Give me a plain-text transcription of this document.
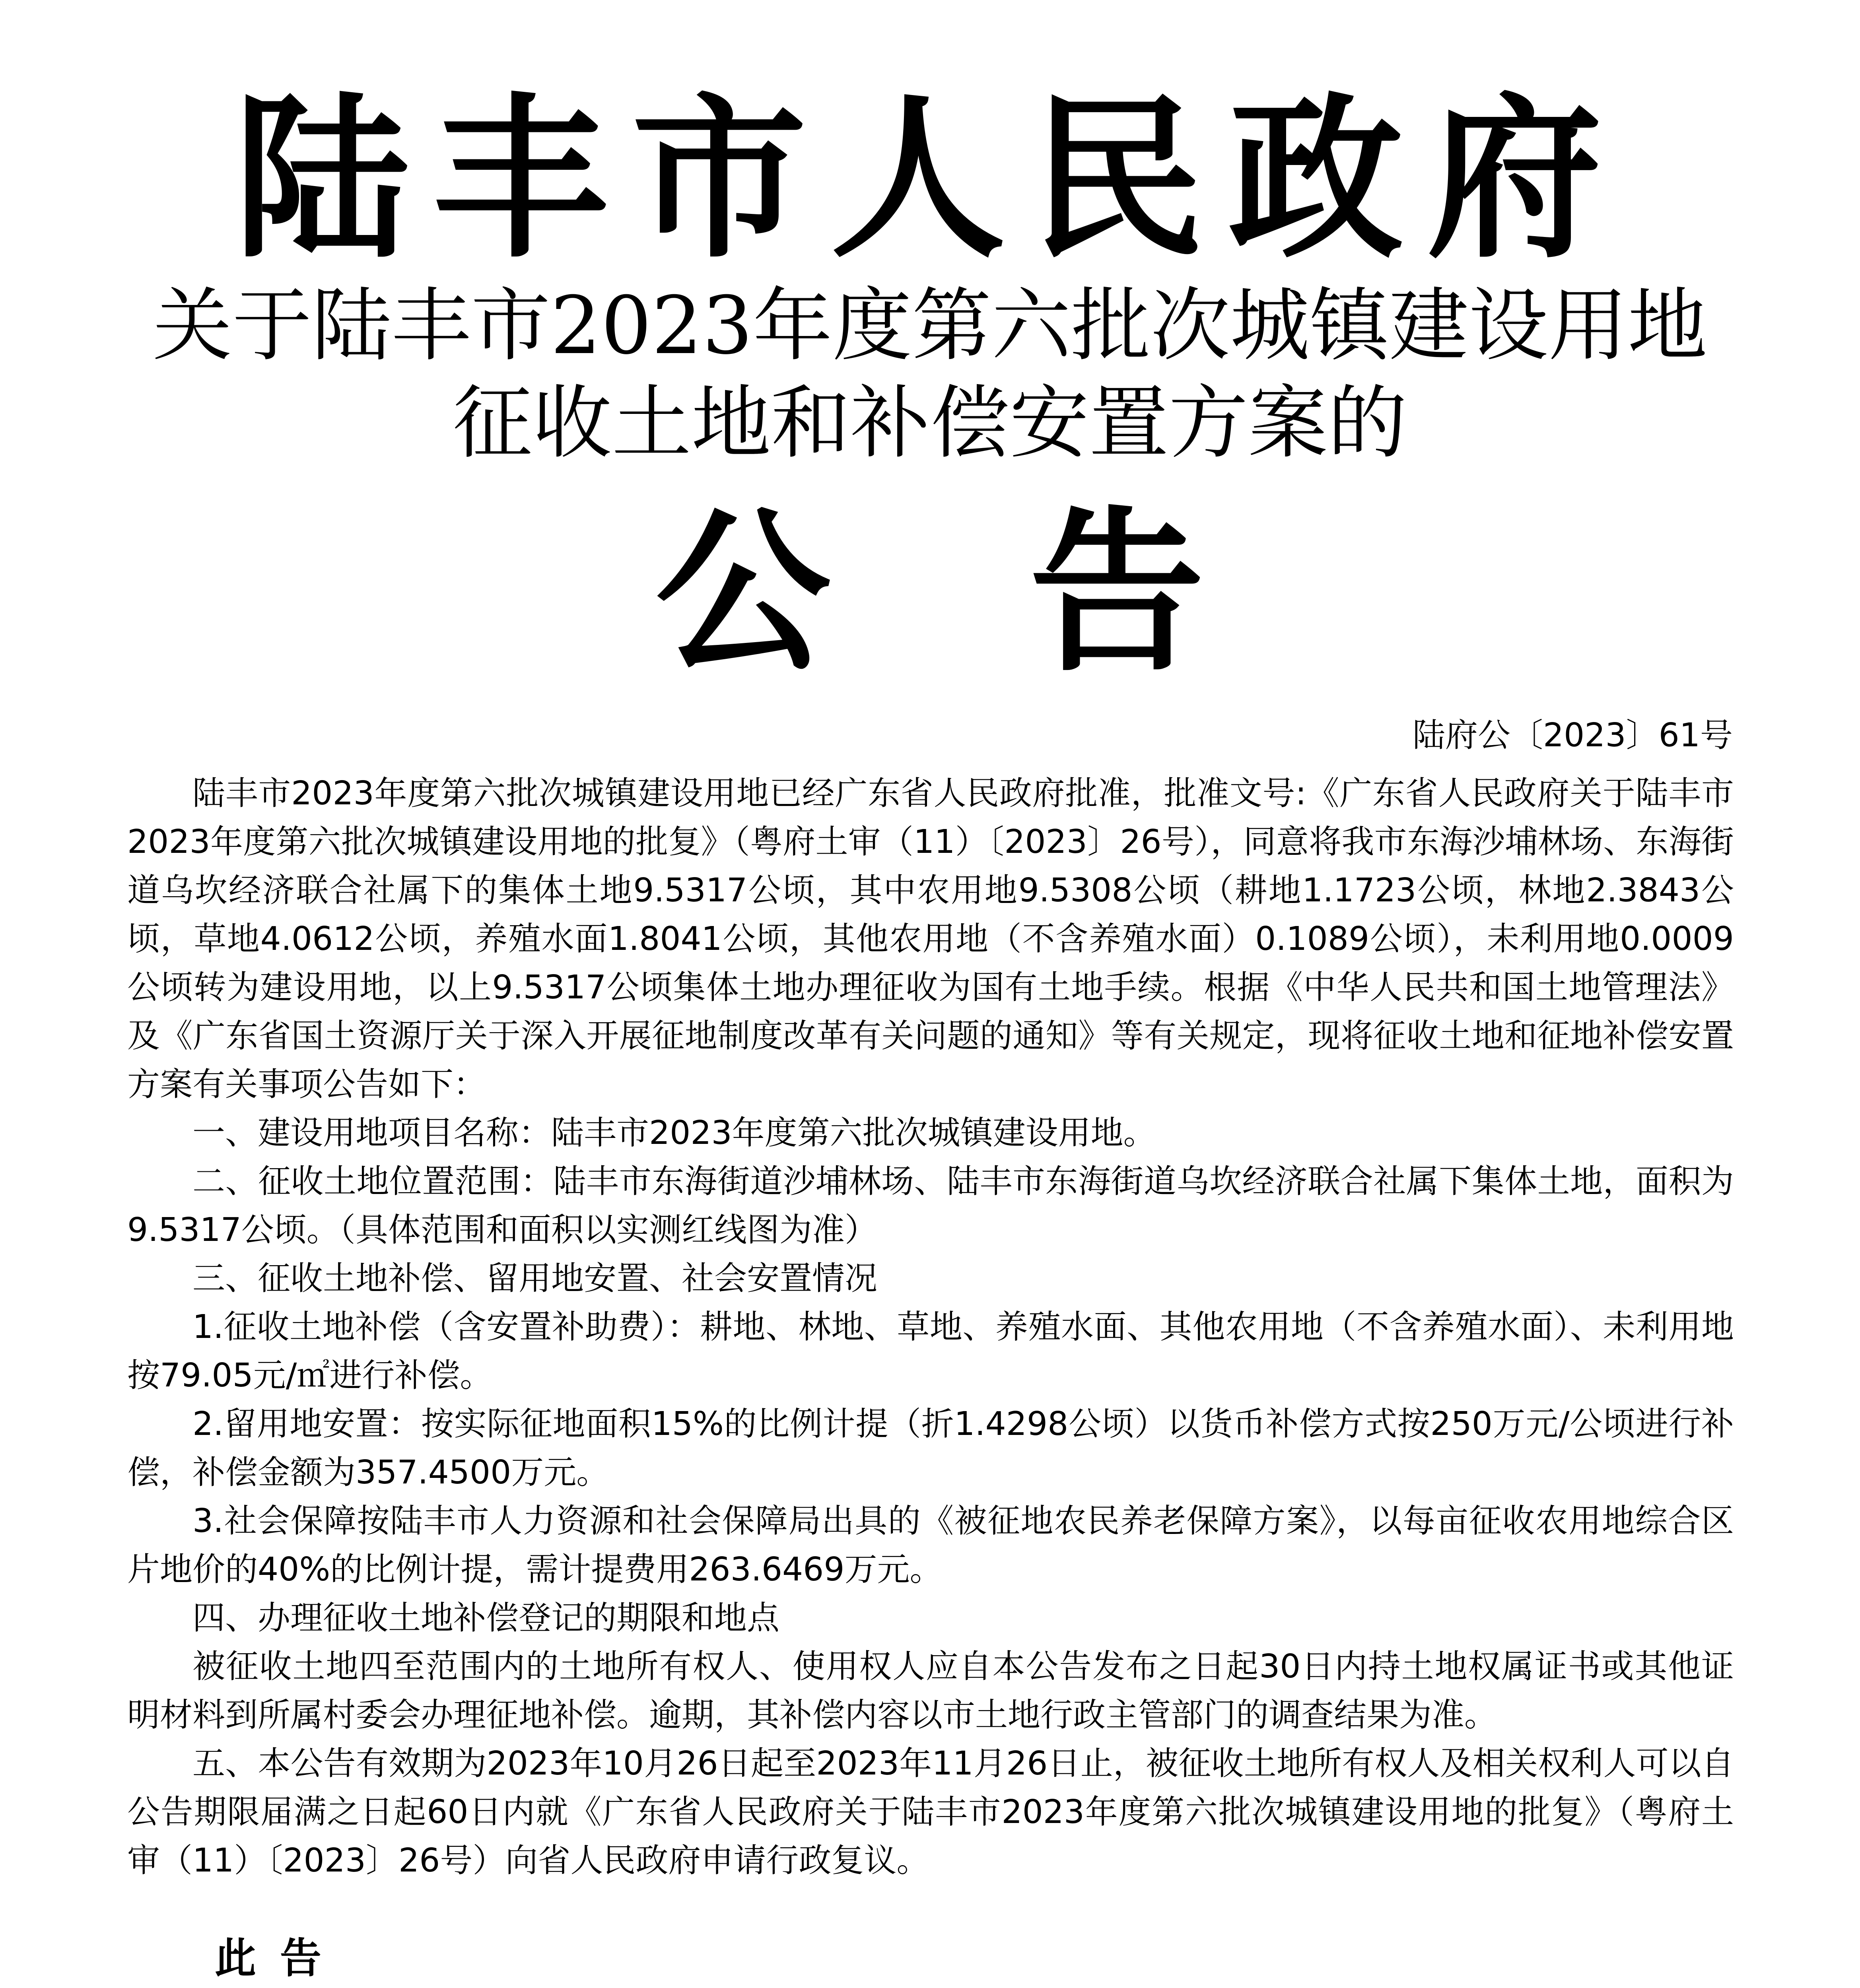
陆丰市人民政府
关于陆丰市2023年度第六批次城镇建设用地
征收土地和补偿安置方案的
公告
陆府公〔2023〕61号

陆丰市2023年度第六批次城镇建设用地已经广东省人民政府批准，批准文号:《广东省人民政府关于陆丰市2023年度第六批次城镇建设用地的批复》（粤府土审（11）〔2023〕26号），同意将我市东海沙埔林场、东海街道乌坎经济联合社属下的集体土地9.5317公顷，其中农用地9.5308公顷（耕地1.1723公顷，林地2.3843公顷，草地4.0612公顷，养殖水面1.8041公顷，其他农用地（不含养殖水面）0.1089公顷），未利用地0.0009公顷转为建设用地，以上9.5317公顷集体土地办理征收为国有土地手续。根据《中华人民共和国土地管理法》及《广东省国土资源厅关于深入开展征地制度改革有关问题的通知》等有关规定，现将征收土地和征地补偿安置方案有关事项公告如下：

一、建设用地项目名称：陆丰市2023年度第六批次城镇建设用地。

二、征收土地位置范围：陆丰市东海街道沙埔林场、陆丰市东海街道乌坎经济联合社属下集体土地，面积为9.5317公顷。（具体范围和面积以实测红线图为准）

三、征收土地补偿、留用地安置、社会安置情况

1.征收土地补偿（含安置补助费）：耕地、林地、草地、养殖水面、其他农用地（不含养殖水面）、未利用地按79.05元/㎡进行补偿。

2.留用地安置：按实际征地面积15%的比例计提（折1.4298公顷）以货币补偿方式按250万元/公顷进行补偿，补偿金额为357.4500万元。

3.社会保障按陆丰市人力资源和社会保障局出具的《被征地农民养老保障方案》，以每亩征收农用地综合区片地价的40%的比例计提，需计提费用263.6469万元。

四、办理征收土地补偿登记的期限和地点

被征收土地四至范围内的土地所有权人、使用权人应自本公告发布之日起30日内持土地权属证书或其他证明材料到所属村委会办理征地补偿。逾期，其补偿内容以市土地行政主管部门的调查结果为准。

五、本公告有效期为2023年10月26日起至2023年11月26日止，被征收土地所有权人及相关权利人可以自公告期限届满之日起60日内就《广东省人民政府关于陆丰市2023年度第六批次城镇建设用地的批复》（粤府土审（11）〔2023〕26号）向省人民政府申请行政复议。

此告
